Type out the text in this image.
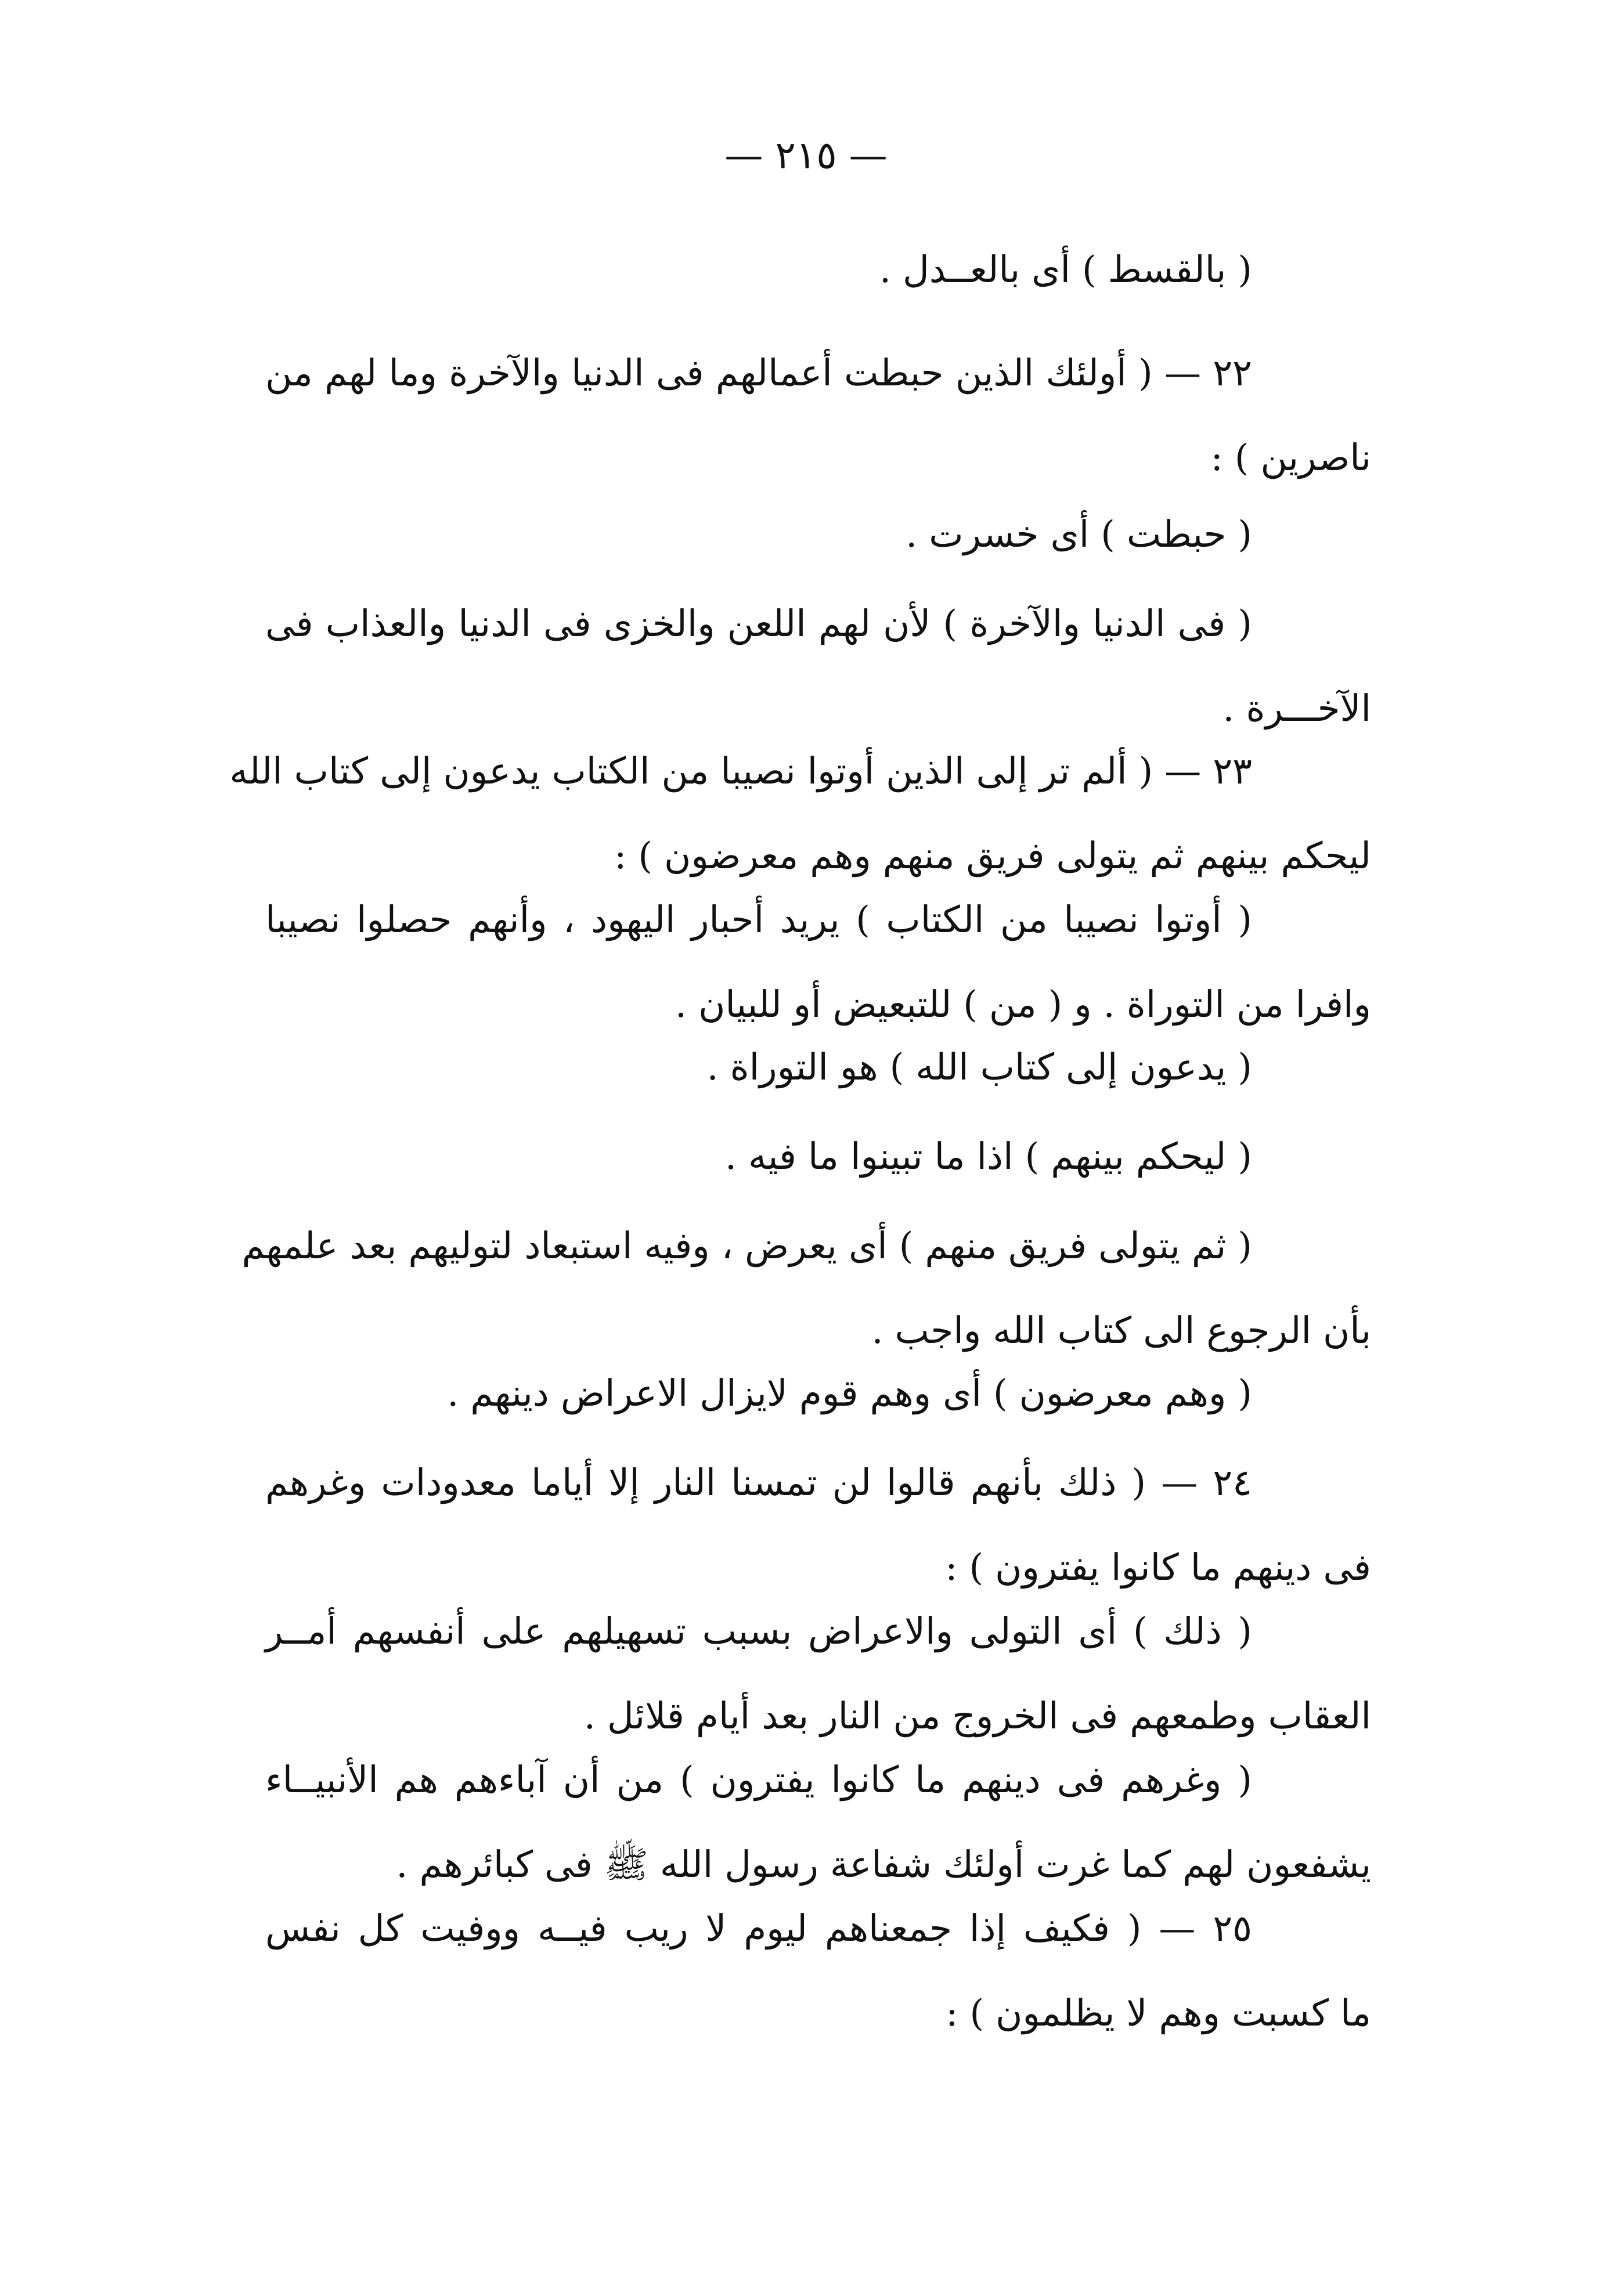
— ٢١٥ —
( بالقسط ) أى بالعــدل .
٢٢ — ( أولئك الذين حبطت أعمالهم فى الدنيا والآخرة وما لهم من
ناصرين ) :
( حبطت ) أى خسرت .
( فى الدنيا والآخرة ) لأن لهم اللعن والخزى فى الدنيا والعذاب فى
الآخـــرة .
٢٣ — ( ألم تر إلى الذين أوتوا نصيبا من الكتاب يدعون إلى كتاب الله
ليحكم بينهم ثم يتولى فريق منهم وهم معرضون ) :
( أوتوا نصيبا من الكتاب ) يريد أحبار اليهود ، وأنهم حصلوا نصيبا
وافرا من التوراة . و ( من ) للتبعيض أو للبيان .
( يدعون إلى كتاب الله ) هو التوراة .
( ليحكم بينهم ) اذا ما تبينوا ما فيه .
( ثم يتولى فريق منهم ) أى يعرض ، وفيه استبعاد لتوليهم بعد علمهم
بأن الرجوع الى كتاب الله واجب .
( وهم معرضون ) أى وهم قوم لايزال الاعراض دينهم .
٢٤ — ( ذلك بأنهم قالوا لن تمسنا النار إلا أياما معدودات وغرهم
فى دينهم ما كانوا يفترون ) :
( ذلك ) أى التولى والاعراض بسبب تسهيلهم على أنفسهم أمــر
العقاب وطمعهم فى الخروج من النار بعد أيام قلائل .
( وغرهم فى دينهم ما كانوا يفترون ) من أن آباءهم هم الأنبيــاء
يشفعون لهم كما غرت أولئك شفاعة رسول الله ﷺ فى كبائرهم .
٢٥ — ( فكيف إذا جمعناهم ليوم لا ريب فيــه ووفيت كل نفس
ما كسبت وهم لا يظلمون ) :
